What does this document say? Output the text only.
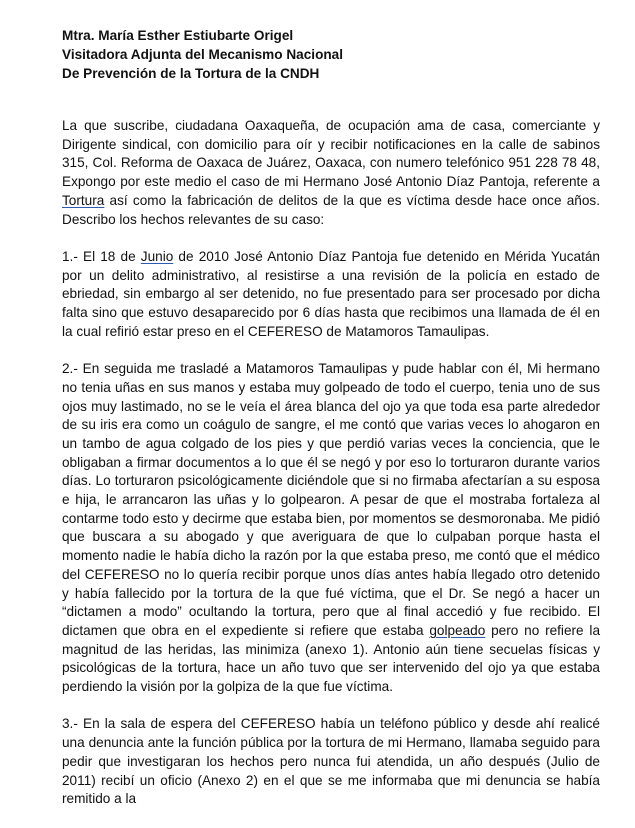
Mtra. María Esther Estiubarte Origel
Visitadora Adjunta del Mecanismo Nacional
De Prevención de la Tortura de la CNDH

La que suscribe, ciudadana Oaxaqueña, de ocupación ama de casa, comerciante y Dirigente sindical, con domicilio para oír y recibir notificaciones en la calle de sabinos 315, Col. Reforma de Oaxaca de Juárez, Oaxaca, con numero telefónico 951 228 78 48, Expongo por este medio el caso de mi Hermano José Antonio Díaz Pantoja, referente a Tortura así como la fabricación de delitos de la que es víctima desde hace once años. Describo los hechos relevantes de su caso:

1.- El 18 de Junio de 2010 José Antonio Díaz Pantoja fue detenido en Mérida Yucatán por un delito administrativo, al resistirse a una revisión de la policía en estado de ebriedad, sin embargo al ser detenido, no fue presentado para ser procesado por dicha falta sino que estuvo desaparecido por 6 días hasta que recibimos una llamada de él en la cual refirió estar preso en el CEFERESO de Matamoros Tamaulipas.

2.- En seguida me trasladé a Matamoros Tamaulipas y pude hablar con él, Mi hermano no tenia uñas en sus manos y estaba muy golpeado de todo el cuerpo, tenia uno de sus ojos muy lastimado, no se le veía el área blanca del ojo ya que toda esa parte alrededor de su iris era como un coágulo de sangre, el me contó que varias veces lo ahogaron en un tambo de agua colgado de los pies y que perdió varias veces la conciencia, que le obligaban a firmar documentos a lo que él se negó y por eso lo torturaron durante varios días. Lo torturaron psicológicamente diciéndole que si no firmaba afectarían a su esposa e hija, le arrancaron las uñas y lo golpearon. A pesar de que el mostraba fortaleza al contarme todo esto y decirme que estaba bien, por momentos se desmoronaba. Me pidió que buscara a su abogado y que averiguara de que lo culpaban porque hasta el momento nadie le había dicho la razón por la que estaba preso, me contó que el médico del CEFERESO no lo quería recibir porque unos días antes había llegado otro detenido y había fallecido por la tortura de la que fué víctima, que el Dr. Se negó a hacer un “dictamen a modo” ocultando la tortura, pero que al final accedió y fue recibido. El dictamen que obra en el expediente si refiere que estaba golpeado pero no refiere la magnitud de las heridas, las minimiza (anexo 1). Antonio aún tiene secuelas físicas y psicológicas de la tortura, hace un año tuvo que ser intervenido del ojo ya que estaba perdiendo la visión por la golpiza de la que fue víctima.

3.- En la sala de espera del CEFERESO había un teléfono público y desde ahí realicé una denuncia ante la función pública por la tortura de mi Hermano, llamaba seguido para pedir que investigaran los hechos pero nunca fui atendida, un año después (Julio de 2011) recibí un oficio (Anexo 2) en el que se me informaba que mi denuncia se había remitido a la
